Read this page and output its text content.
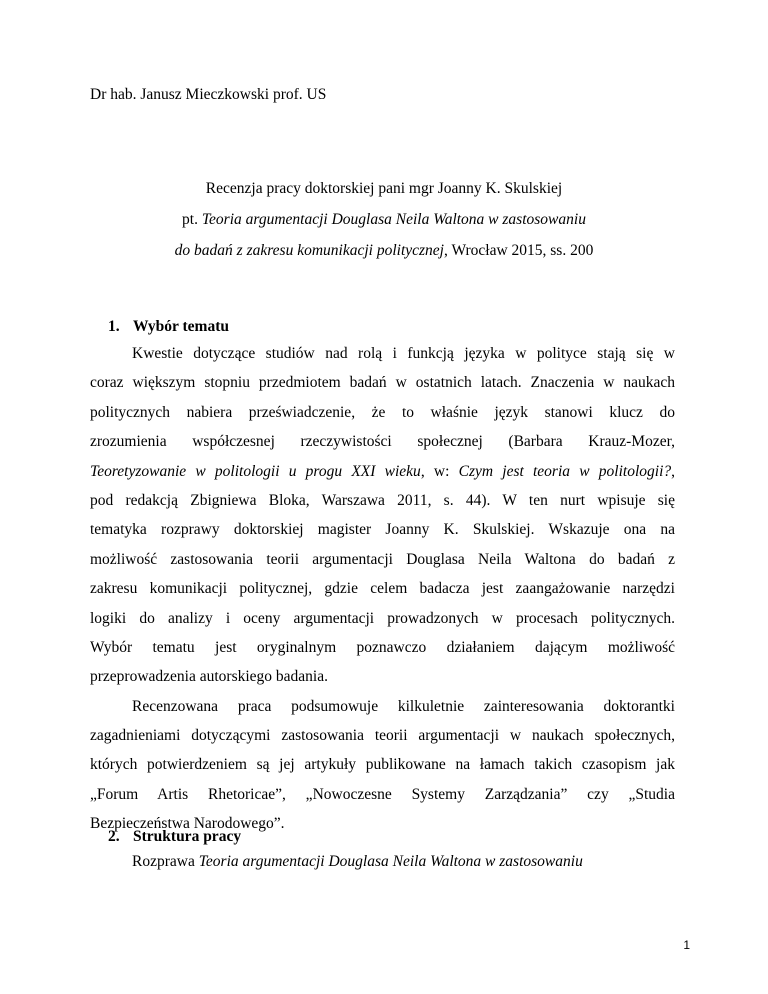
Dr hab. Janusz Mieczkowski prof. US
Recenzja pracy doktorskiej pani mgr Joanny K. Skulskiej
pt. Teoria argumentacji Douglasa Neila Waltona w zastosowaniu
do badań z zakresu komunikacji politycznej, Wrocław 2015, ss. 200
1. Wybór tematu

Kwestie dotyczące studiów nad rolą i funkcją języka w polityce stają się w
coraz większym stopniu przedmiotem badań w ostatnich latach. Znaczenia w naukach
politycznych nabiera przeświadczenie, że to właśnie język stanowi klucz do
zrozumienia współczesnej rzeczywistości społecznej (Barbara Krauz-Mozer,
Teoretyzowanie w politologii u progu XXI wieku, w: Czym jest teoria w politologii?,
pod redakcją Zbigniewa Bloka, Warszawa 2011, s. 44). W ten nurt wpisuje się
tematyka rozprawy doktorskiej magister Joanny K. Skulskiej. Wskazuje ona na
możliwość zastosowania teorii argumentacji Douglasa Neila Waltona do badań z
zakresu komunikacji politycznej, gdzie celem badacza jest zaangażowanie narzędzi
logiki do analizy i oceny argumentacji prowadzonych w procesach politycznych.
Wybór tematu jest oryginalnym poznawczo działaniem dającym możliwość
przeprowadzenia autorskiego badania.

Recenzowana praca podsumowuje kilkuletnie zainteresowania doktorantki
zagadnieniami dotyczącymi zastosowania teorii argumentacji w naukach społecznych,
których potwierdzeniem są jej artykuły publikowane na łamach takich czasopism jak
„Forum Artis Rhetoricae”, „Nowoczesne Systemy Zarządzania” czy „Studia
Bezpieczeństwa Narodowego”.

2. Struktura pracy

Rozprawa Teoria argumentacji Douglasa Neila Waltona w zastosowaniu

1
